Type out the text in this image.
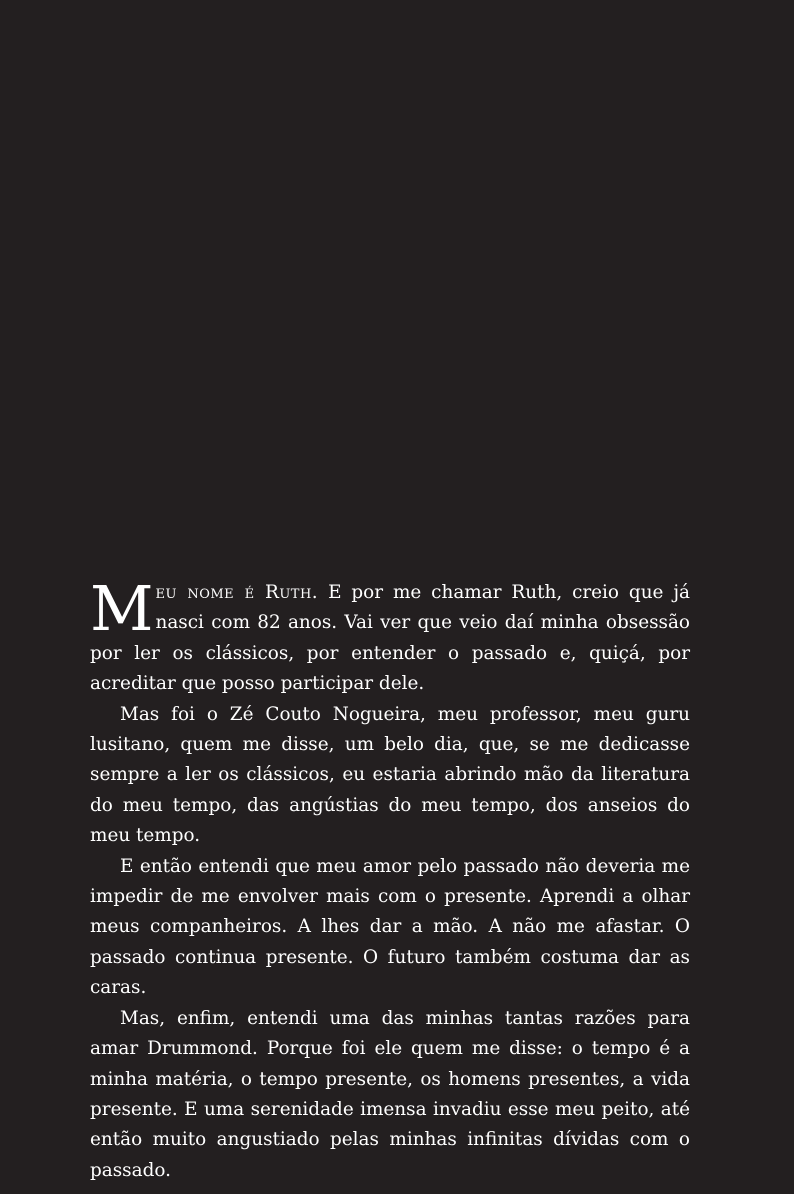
Meu nome é Ruth. E por me chamar Ruth, creio que já nasci com 82 anos. Vai ver que veio daí minha obsessão por ler os clássicos, por entender o passado e, quiçá, por acreditar que posso participar dele.

Mas foi o Zé Couto Nogueira, meu professor, meu guru lusitano, quem me disse, um belo dia, que, se me dedicasse sempre a ler os clássicos, eu estaria abrindo mão da literatura do meu tempo, das angústias do meu tempo, dos anseios do meu tempo.

E então entendi que meu amor pelo passado não deveria me impedir de me envolver mais com o presente. Aprendi a olhar meus companheiros. A lhes dar a mão. A não me afastar. O passado continua presente. O futuro também costuma dar as caras.

Mas, enfim, entendi uma das minhas tantas razões para amar Drummond. Porque foi ele quem me disse: o tempo é a minha matéria, o tempo presente, os homens presentes, a vida presente. E uma serenidade imensa invadiu esse meu peito, até então muito angustiado pelas minhas infinitas dívidas com o passado.
